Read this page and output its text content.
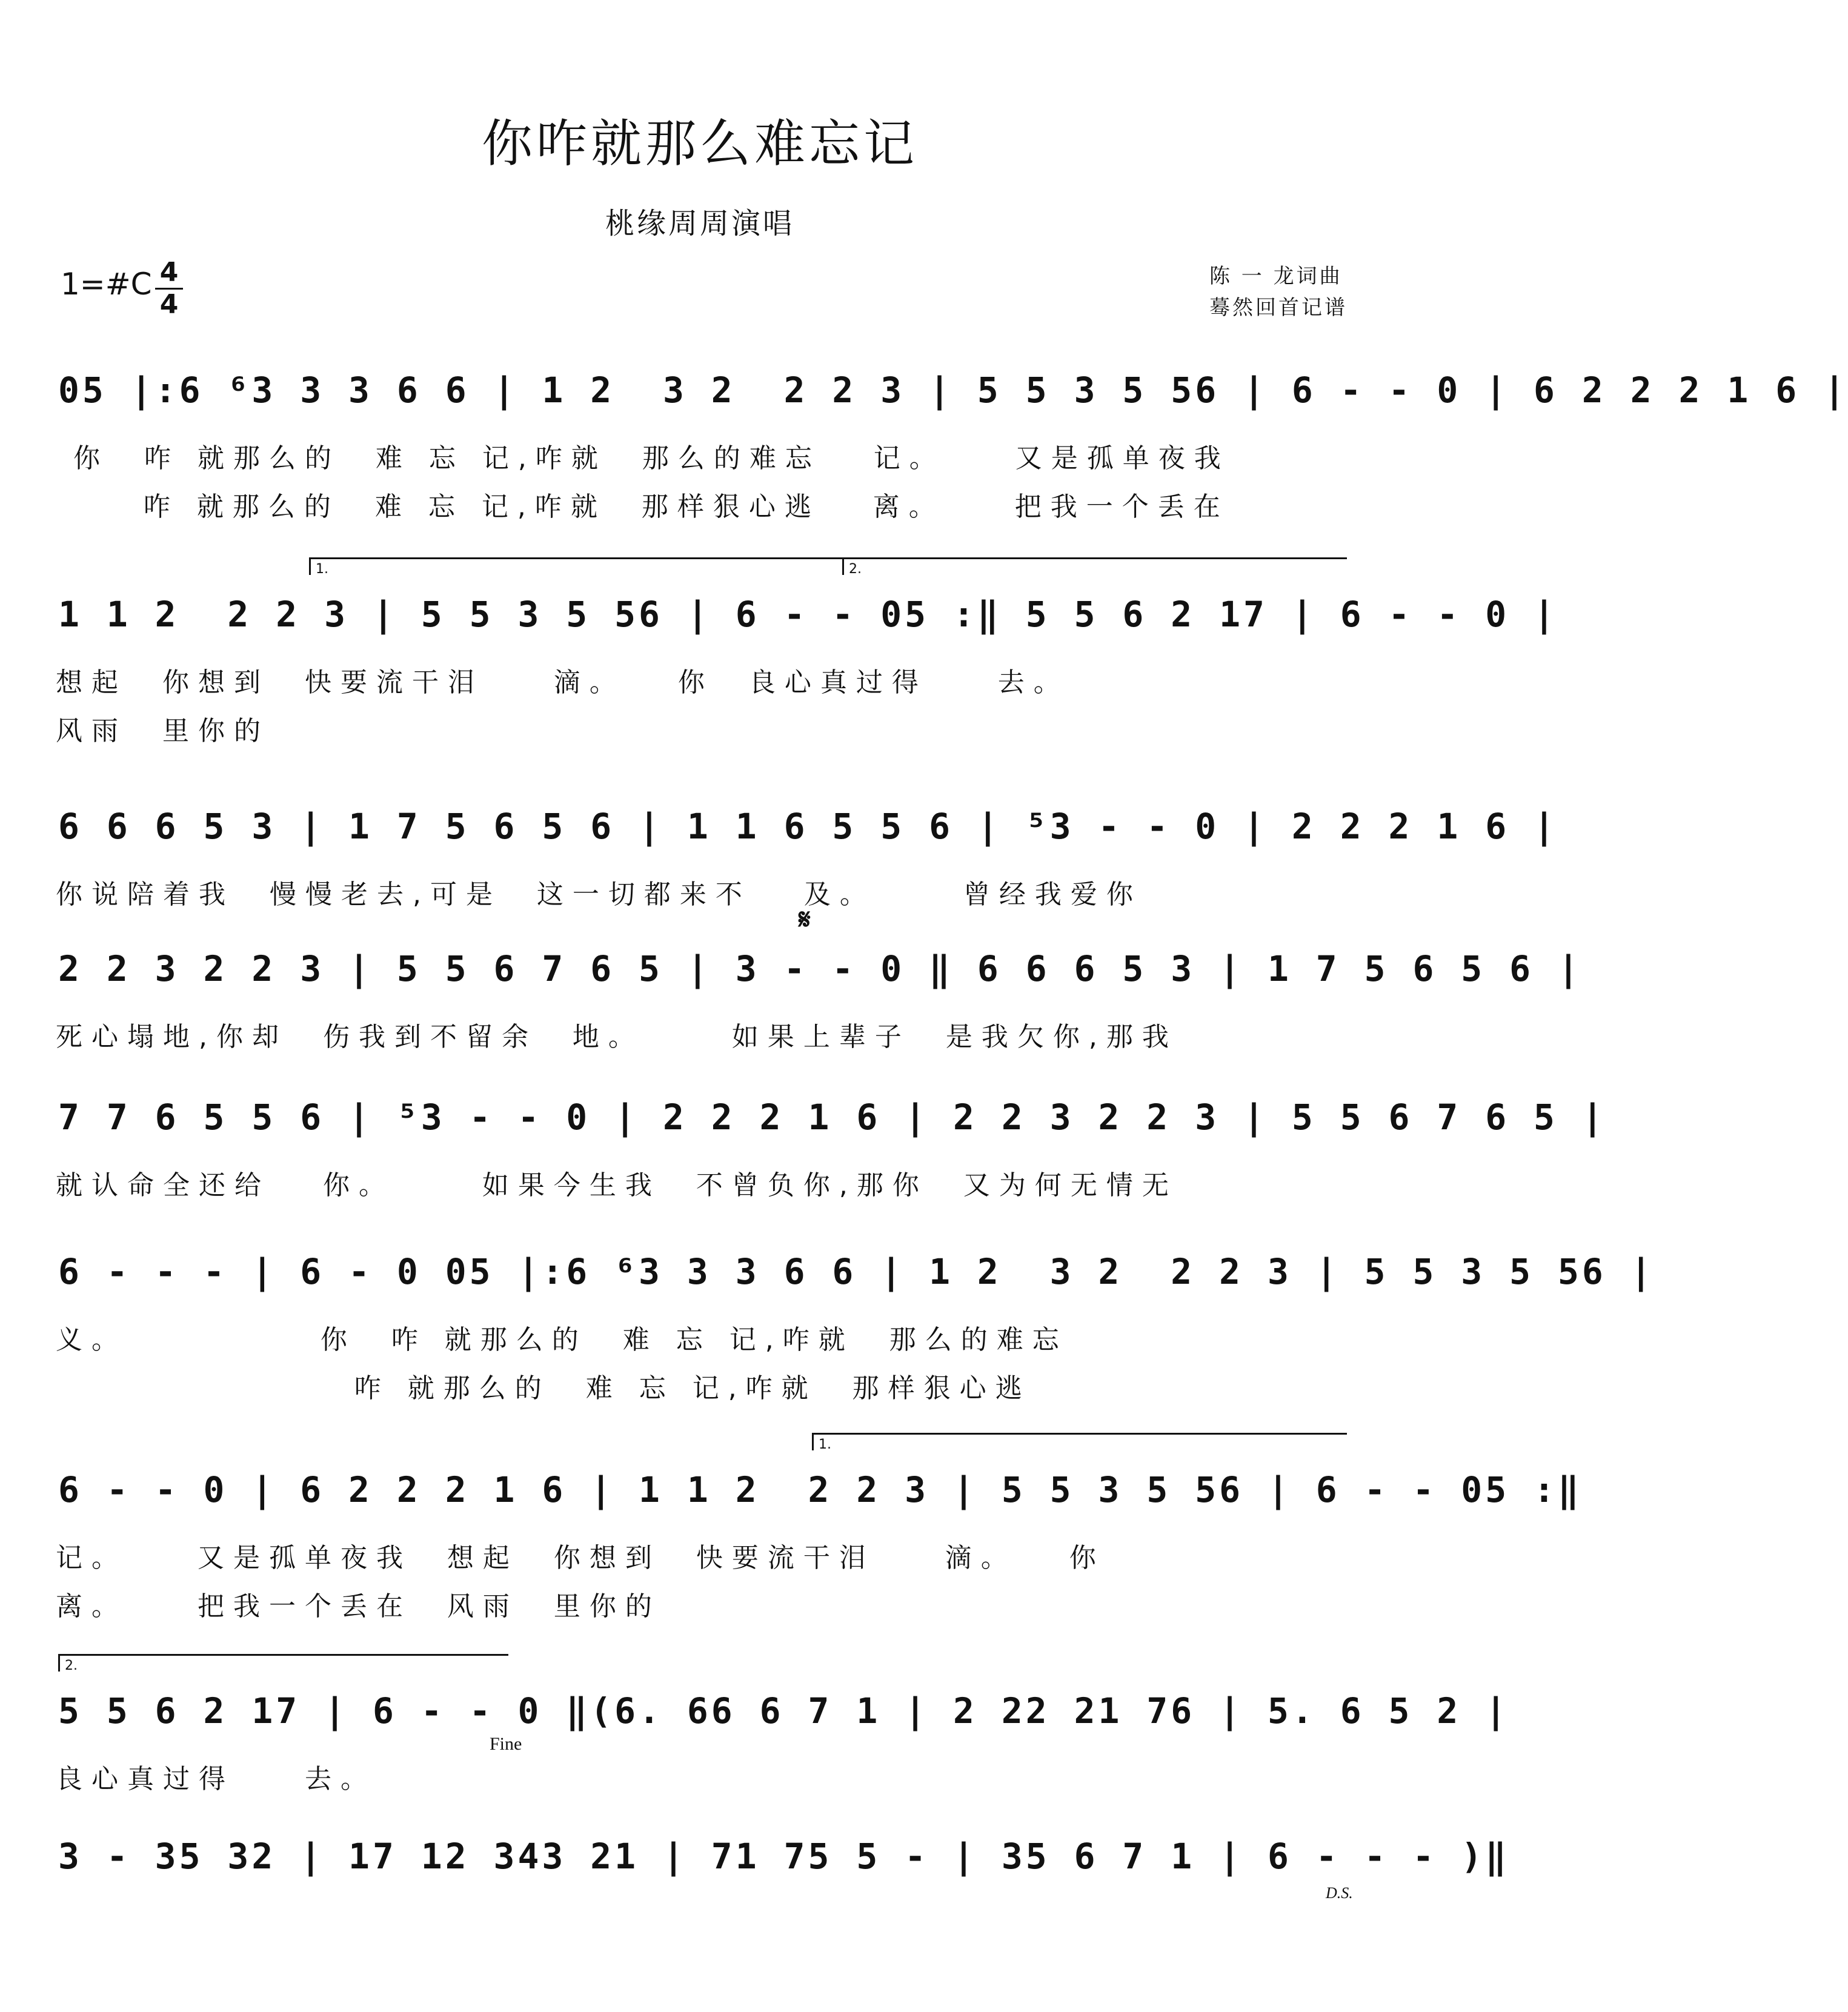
你咋就那么难忘记
桃缘周周演唱
1=#C $\frac{4}{4}$	陈 一 龙词曲
蓦然回首记谱
05 |:6 ⁶3 3 3 6 6 | 1 2  3 2  2 2 3 | 5 5 3 5 56 | 6 - - 0 | 6 2 2 2 1 6 |
你  咋 就那么的  难 忘 记,咋就  那么的难忘   记。    又是孤单夜我
咋 就那么的  难 忘 记,咋就  那样狠心逃   离。    把我一个丢在
1.	2.
1 1 2  2 2 3 | 5 5 3 5 56 | 6 - - 05 :‖ 5 5 6 2 17 | 6 - - 0 |
想起  你想到  快要流干泪    滴。   你  良心真过得    去。
风雨  里你的
6 6 6 5 3 | 1 7 5 6 5 6 | 1 1 6 5 5 6 | ⁵3 - - 0 | 2 2 2 1 6 |
你说陪着我  慢慢老去,可是  这一切都来不   及。     曾经我爱你
𝄋
2 2 3 2 2 3 | 5 5 6 7 6 5 | 3 - - 0 ‖ 6 6 6 5 3 | 1 7 5 6 5 6 |
死心塌地,你却  伤我到不留余  地。     如果上辈子  是我欠你,那我
7 7 6 5 5 6 | ⁵3 - - 0 | 2 2 2 1 6 | 2 2 3 2 2 3 | 5 5 6 7 6 5 |
就认命全还给   你。     如果今生我  不曾负你,那你  又为何无情无
6 - - - | 6 - 0 05 |:6 ⁶3 3 3 6 6 | 1 2  3 2  2 2 3 | 5 5 3 5 56 |
义。           你  咋 就那么的  难 忘 记,咋就  那么的难忘
咋 就那么的  难 忘 记,咋就  那样狠心逃
1.
6 - - 0 | 6 2 2 2 1 6 | 1 1 2  2 2 3 | 5 5 3 5 56 | 6 - - 05 :‖
记。    又是孤单夜我  想起  你想到  快要流干泪    滴。   你
离。    把我一个丢在  风雨  里你的
2.
5 5 6 2 17 | 6 - - 0 ‖(6. 66 6 7 1 | 2 22 21 76 | 5. 6 5 2 |
Fine
良心真过得    去。
3 - 35 32 | 17 12 343 21 | 71 75 5 - | 35 6 7 1 | 6 - - - )‖
D.S.
